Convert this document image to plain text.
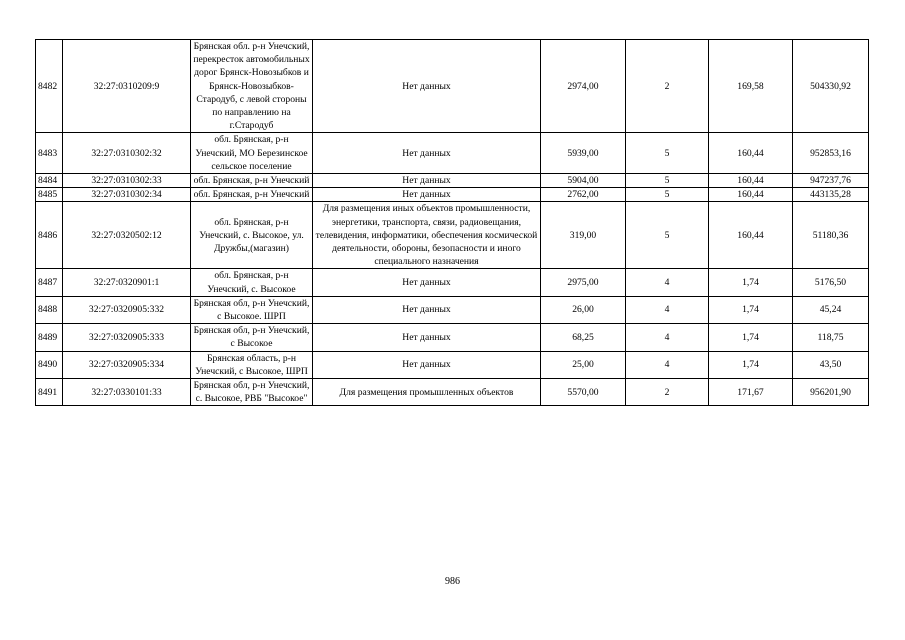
8482	32:27:0310209:9	Брянская обл. р-н Унечский, перекресток автомобильных дорог Брянск-Новозыбков и Брянск-Новозыбков-Стародуб, с левой стороны по направлению на г.Стародуб	Нет данных	2974,00	2	169,58	504330,92
8483	32:27:0310302:32	обл. Брянская, р-н Унечский, МО Березинское сельское поселение	Нет данных	5939,00	5	160,44	952853,16
8484	32:27:0310302:33	обл. Брянская, р-н Унечский	Нет данных	5904,00	5	160,44	947237,76
8485	32:27:0310302:34	обл. Брянская, р-н Унечский	Нет данных	2762,00	5	160,44	443135,28
8486	32:27:0320502:12	обл. Брянская, р-н Унечский, с. Высокое, ул. Дружбы,(магазин)	Для размещения иных объектов промышленности, энергетики, транспорта, связи, радиовещания, телевидения, информатики, обеспечения космической деятельности, обороны, безопасности и иного специального назначения	319,00	5	160,44	51180,36
8487	32:27:0320901:1	обл. Брянская, р-н Унечский, с. Высокое	Нет данных	2975,00	4	1,74	5176,50
8488	32:27:0320905:332	Брянская обл, р-н Унечский, с Высокое. ШРП	Нет данных	26,00	4	1,74	45,24
8489	32:27:0320905:333	Брянская обл, р-н Унечский, с Высокое	Нет данных	68,25	4	1,74	118,75
8490	32:27:0320905:334	Брянская область, р-н Унечский, с Высокое, ШРП	Нет данных	25,00	4	1,74	43,50
8491	32:27:0330101:33	Брянская обл, р-н Унечский, с. Высокое, РВБ "Высокое"	Для размещения промышленных объектов	5570,00	2	171,67	956201,90
986
